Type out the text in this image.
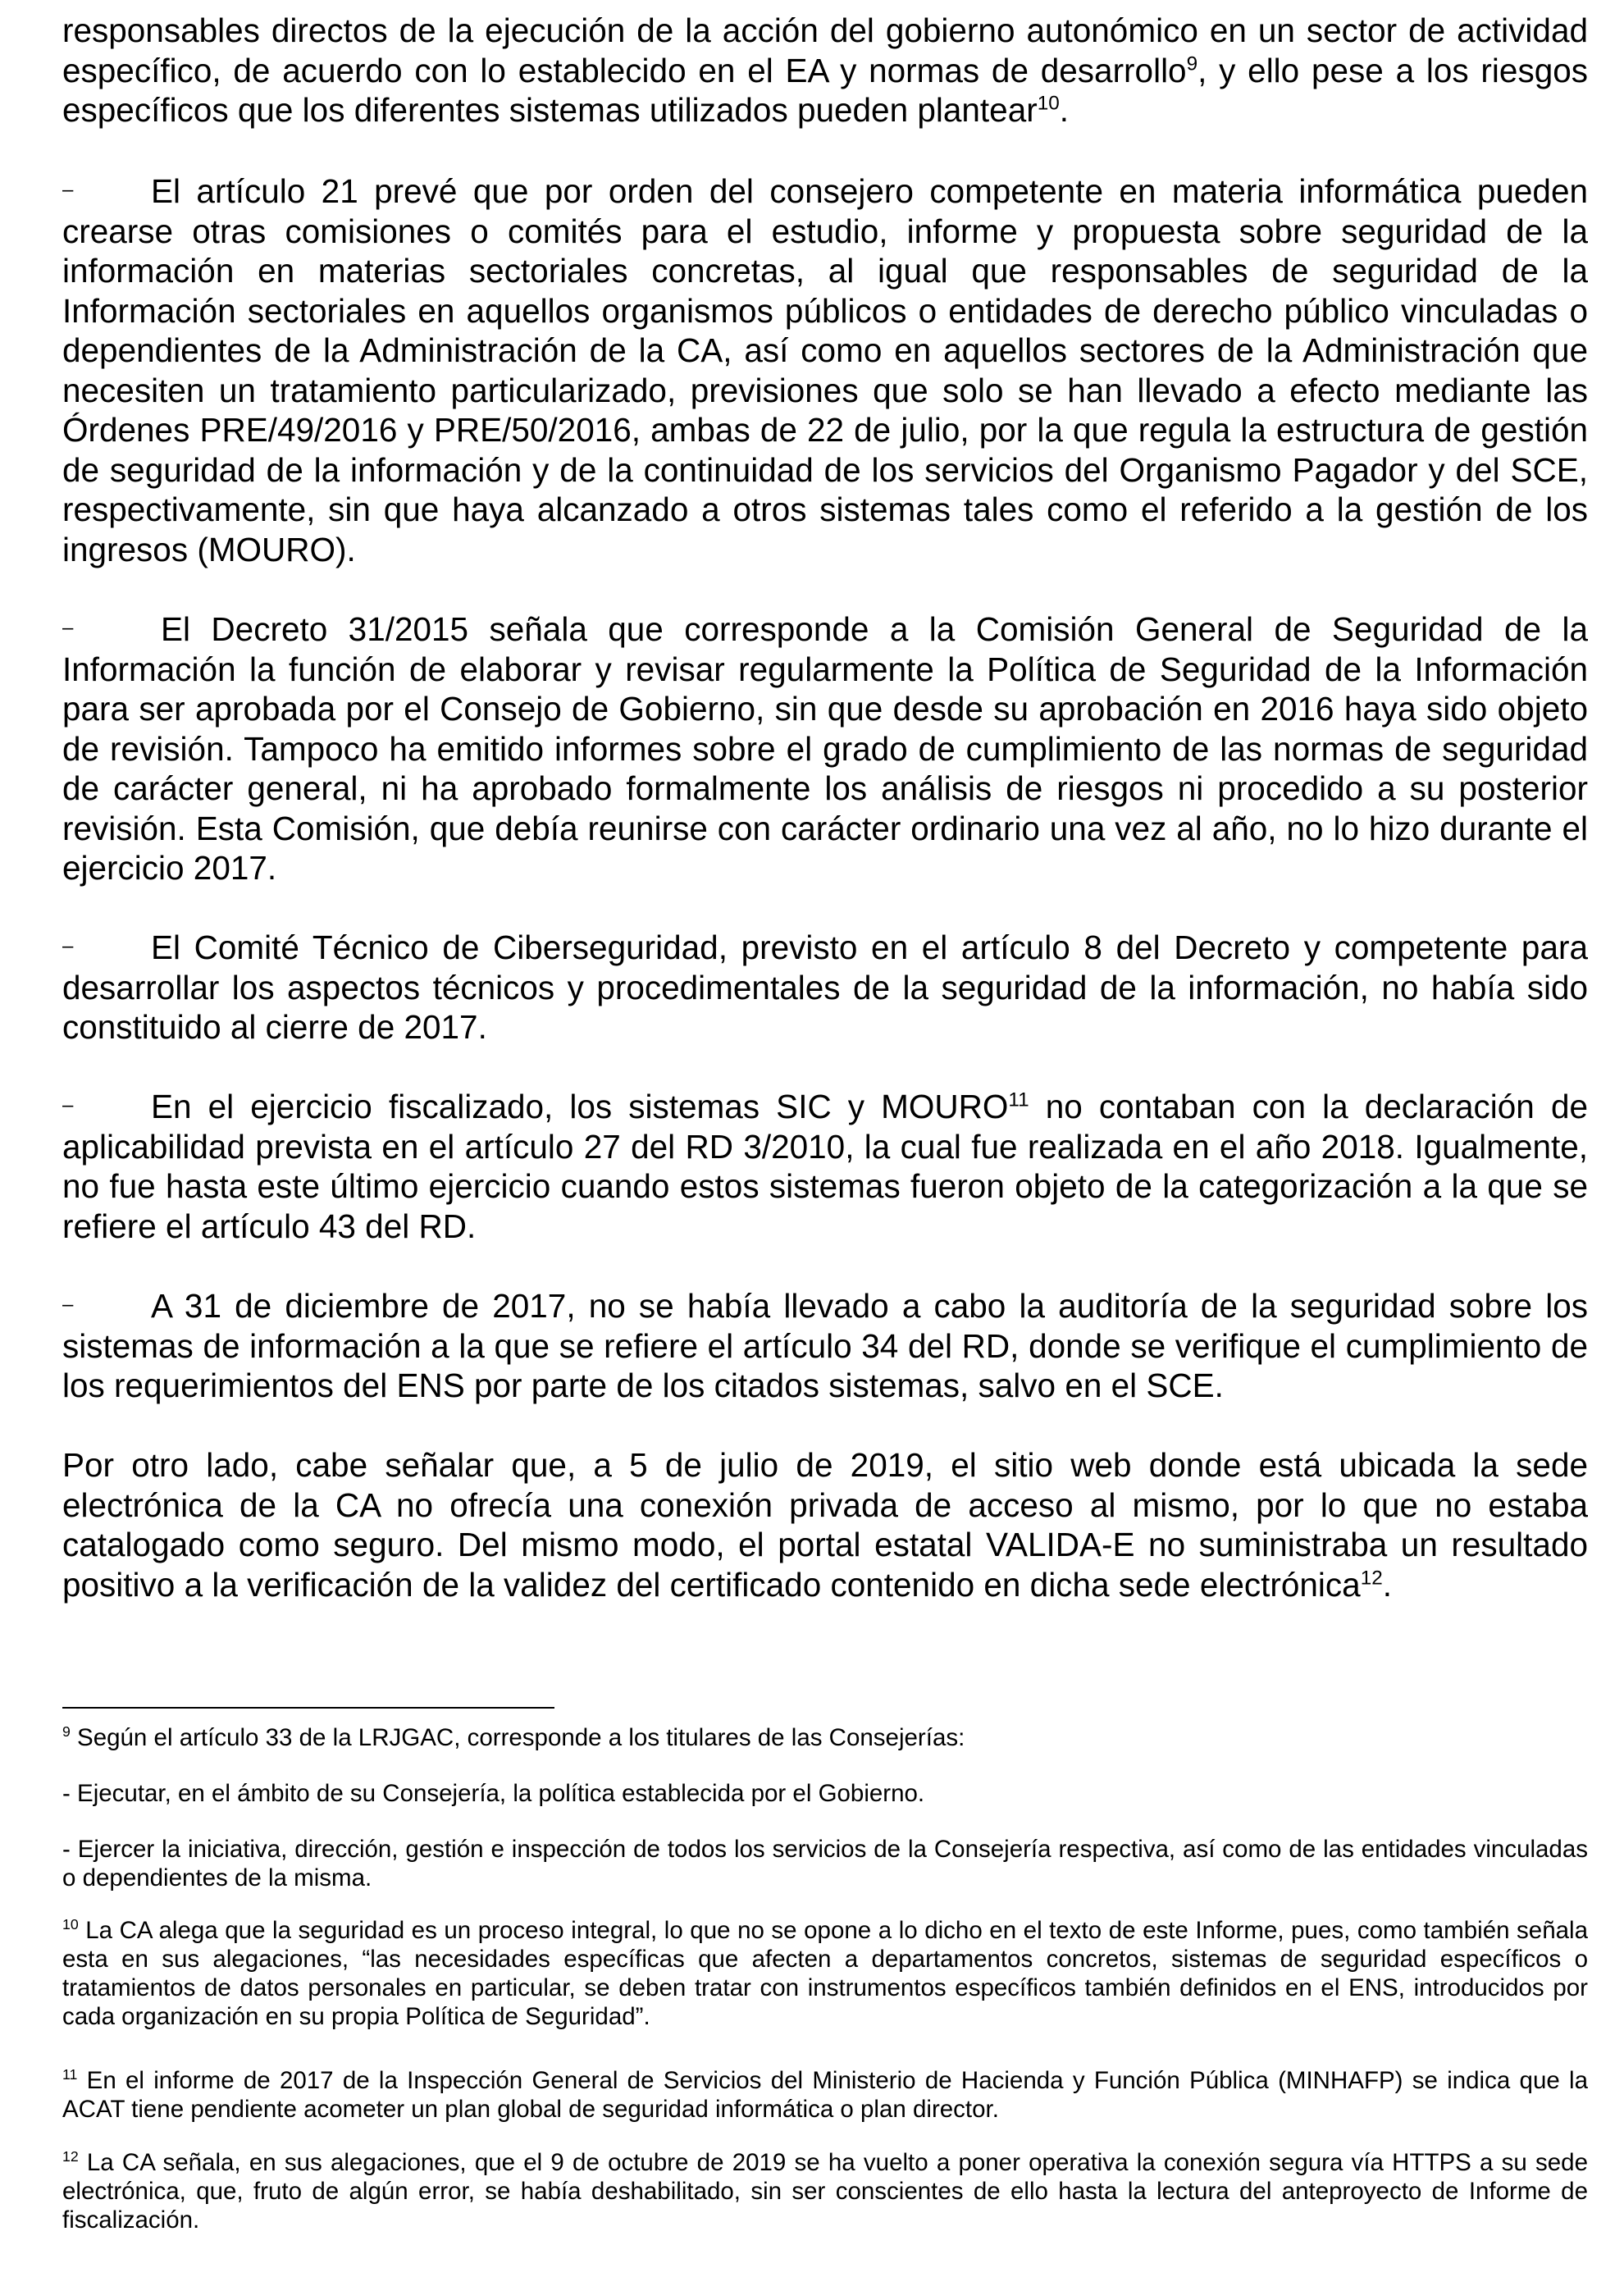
responsables directos de la ejecución de la acción del gobierno autonómico en un sector de actividad específico, de acuerdo con lo establecido en el EA y normas de desarrollo$^9$, y ello pese a los riesgos específicos que los diferentes sistemas utilizados pueden plantear$^{10}$.

– El artículo 21 prevé que por orden del consejero competente en materia informática pueden crearse otras comisiones o comités para el estudio, informe y propuesta sobre seguridad de la información en materias sectoriales concretas, al igual que responsables de seguridad de la Información sectoriales en aquellos organismos públicos o entidades de derecho público vinculadas o dependientes de la Administración de la CA, así como en aquellos sectores de la Administración que necesiten un tratamiento particularizado, previsiones que solo se han llevado a efecto mediante las Órdenes PRE/49/2016 y PRE/50/2016, ambas de 22 de julio, por la que regula la estructura de gestión de seguridad de la información y de la continuidad de los servicios del Organismo Pagador y del SCE, respectivamente, sin que haya alcanzado a otros sistemas tales como el referido a la gestión de los ingresos (MOURO).

–	El Decreto 31/2015 señala que corresponde a la Comisión General de Seguridad de la Información la función de elaborar y revisar regularmente la Política de Seguridad de la Información para ser aprobada por el Consejo de Gobierno, sin que desde su aprobación en 2016 haya sido objeto de revisión. Tampoco ha emitido informes sobre el grado de cumplimiento de las normas de seguridad de carácter general, ni ha aprobado formalmente los análisis de riesgos ni procedido a su posterior revisión. Esta Comisión, que debía reunirse con carácter ordinario una vez al año, no lo hizo durante el ejercicio 2017.

– El Comité Técnico de Ciberseguridad, previsto en el artículo 8 del Decreto y competente para desarrollar los aspectos técnicos y procedimentales de la seguridad de la información, no había sido constituido al cierre de 2017.

– En el ejercicio fiscalizado, los sistemas SIC y MOURO$^{11}$ no contaban con la declaración de aplicabilidad prevista en el artículo 27 del RD 3/2010, la cual fue realizada en el año 2018. Igualmente, no fue hasta este último ejercicio cuando estos sistemas fueron objeto de la categorización a la que se refiere el artículo 43 del RD.

– A 31 de diciembre de 2017, no se había llevado a cabo la auditoría de la seguridad sobre los sistemas de información a la que se refiere el artículo 34 del RD, donde se verifique el cumplimiento de los requerimientos del ENS por parte de los citados sistemas, salvo en el SCE.

Por otro lado, cabe señalar que, a 5 de julio de 2019, el sitio web donde está ubicada la sede electrónica de la CA no ofrecía una conexión privada de acceso al mismo, por lo que no estaba catalogado como seguro. Del mismo modo, el portal estatal VALIDA-E no suministraba un resultado positivo a la verificación de la validez del certificado contenido en dicha sede electrónica$^{12}$.

$^9$ Según el artículo 33 de la LRJGAC, corresponde a los titulares de las Consejerías:

- Ejecutar, en el ámbito de su Consejería, la política establecida por el Gobierno.

- Ejercer la iniciativa, dirección, gestión e inspección de todos los servicios de la Consejería respectiva, así como de las entidades vinculadas o dependientes de la misma.

$^{10}$ La CA alega que la seguridad es un proceso integral, lo que no se opone a lo dicho en el texto de este Informe, pues, como también señala esta en sus alegaciones, “las necesidades específicas que afecten a departamentos concretos, sistemas de seguridad específicos o tratamientos de datos personales en particular, se deben tratar con instrumentos específicos también definidos en el ENS, introducidos por cada organización en su propia Política de Seguridad”.

$^{11}$ En el informe de 2017 de la Inspección General de Servicios del Ministerio de Hacienda y Función Pública (MINHAFP) se indica que la ACAT tiene pendiente acometer un plan global de seguridad informática o plan director.

$^{12}$ La CA señala, en sus alegaciones, que el 9 de octubre de 2019 se ha vuelto a poner operativa la conexión segura vía HTTPS a su sede electrónica, que, fruto de algún error, se había deshabilitado, sin ser conscientes de ello hasta la lectura del anteproyecto de Informe de fiscalización.
